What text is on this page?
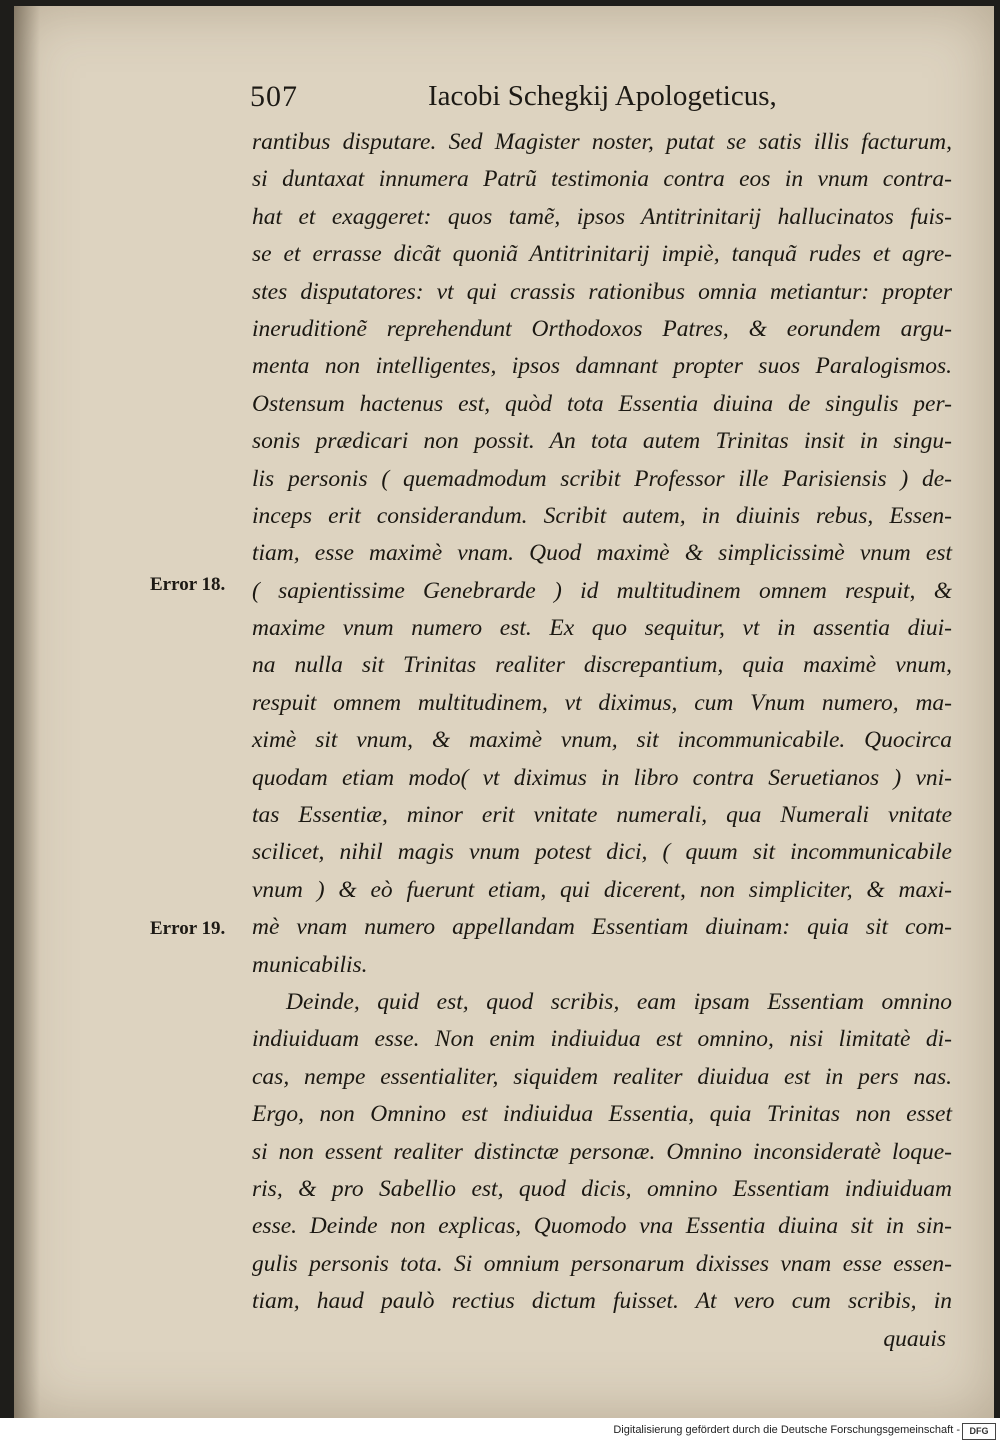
507	Iacobi Schegkij Apologeticus,
Error 18.
Error 19.
rantibus disputare. Sed Magister noster, putat se satis illis facturum,
si duntaxat innumera Patrũ testimonia contra eos in vnum contra-
hat et exaggeret: quos tamẽ, ipsos Antitrinitarij hallucinatos fuis-
se et errasse dicãt quoniã Antitrinitarij impiè, tanquã rudes et agre-
stes disputatores: vt qui crassis rationibus omnia metiantur: propter
ineruditionẽ reprehendunt Orthodoxos Patres, & eorundem argu-
menta non intelligentes, ipsos damnant propter suos Paralogismos.
Ostensum hactenus est, quòd tota Essentia diuina de singulis per-
sonis prædicari non possit. An tota autem Trinitas insit in singu-
lis personis ( quemadmodum scribit Professor ille Parisiensis ) de-
inceps erit considerandum. Scribit autem, in diuinis rebus, Essen-
tiam, esse maximè vnam. Quod maximè & simplicissimè vnum est
( sapientissime Genebrarde ) id multitudinem omnem respuit, &
maxime vnum numero est. Ex quo sequitur, vt in assentia diui-
na nulla sit Trinitas realiter discrepantium, quia maximè vnum,
respuit omnem multitudinem, vt diximus, cum Vnum numero, ma-
ximè sit vnum, & maximè vnum, sit incommunicabile. Quocirca
quodam etiam modo( vt diximus in libro contra Seruetianos ) vni-
tas Essentiæ, minor erit vnitate numerali, qua Numerali vnitate
scilicet, nihil magis vnum potest dici, ( quum sit incommunicabile
vnum ) & eò fuerunt etiam, qui dicerent, non simpliciter, & maxi-
mè vnam numero appellandam Essentiam diuinam: quia sit com-
municabilis.
Deinde, quid est, quod scribis, eam ipsam Essentiam omnino
indiuiduam esse. Non enim indiuidua est omnino, nisi limitatè di-
cas, nempe essentialiter, siquidem realiter diuidua est in pers nas.
Ergo, non Omnino est indiuidua Essentia, quia Trinitas non esset
si non essent realiter distinctæ personæ. Omnino inconsideratè loque-
ris, & pro Sabellio est, quod dicis, omnino Essentiam indiuiduam
esse. Deinde non explicas, Quomodo vna Essentia diuina sit in sin-
gulis personis tota. Si omnium personarum dixisses vnam esse essen-
tiam, haud paulò rectius dictum fuisset. At vero cum scribis, in
quauis
Digitalisierung gefördert durch die Deutsche Forschungsgemeinschaft -	DFG
